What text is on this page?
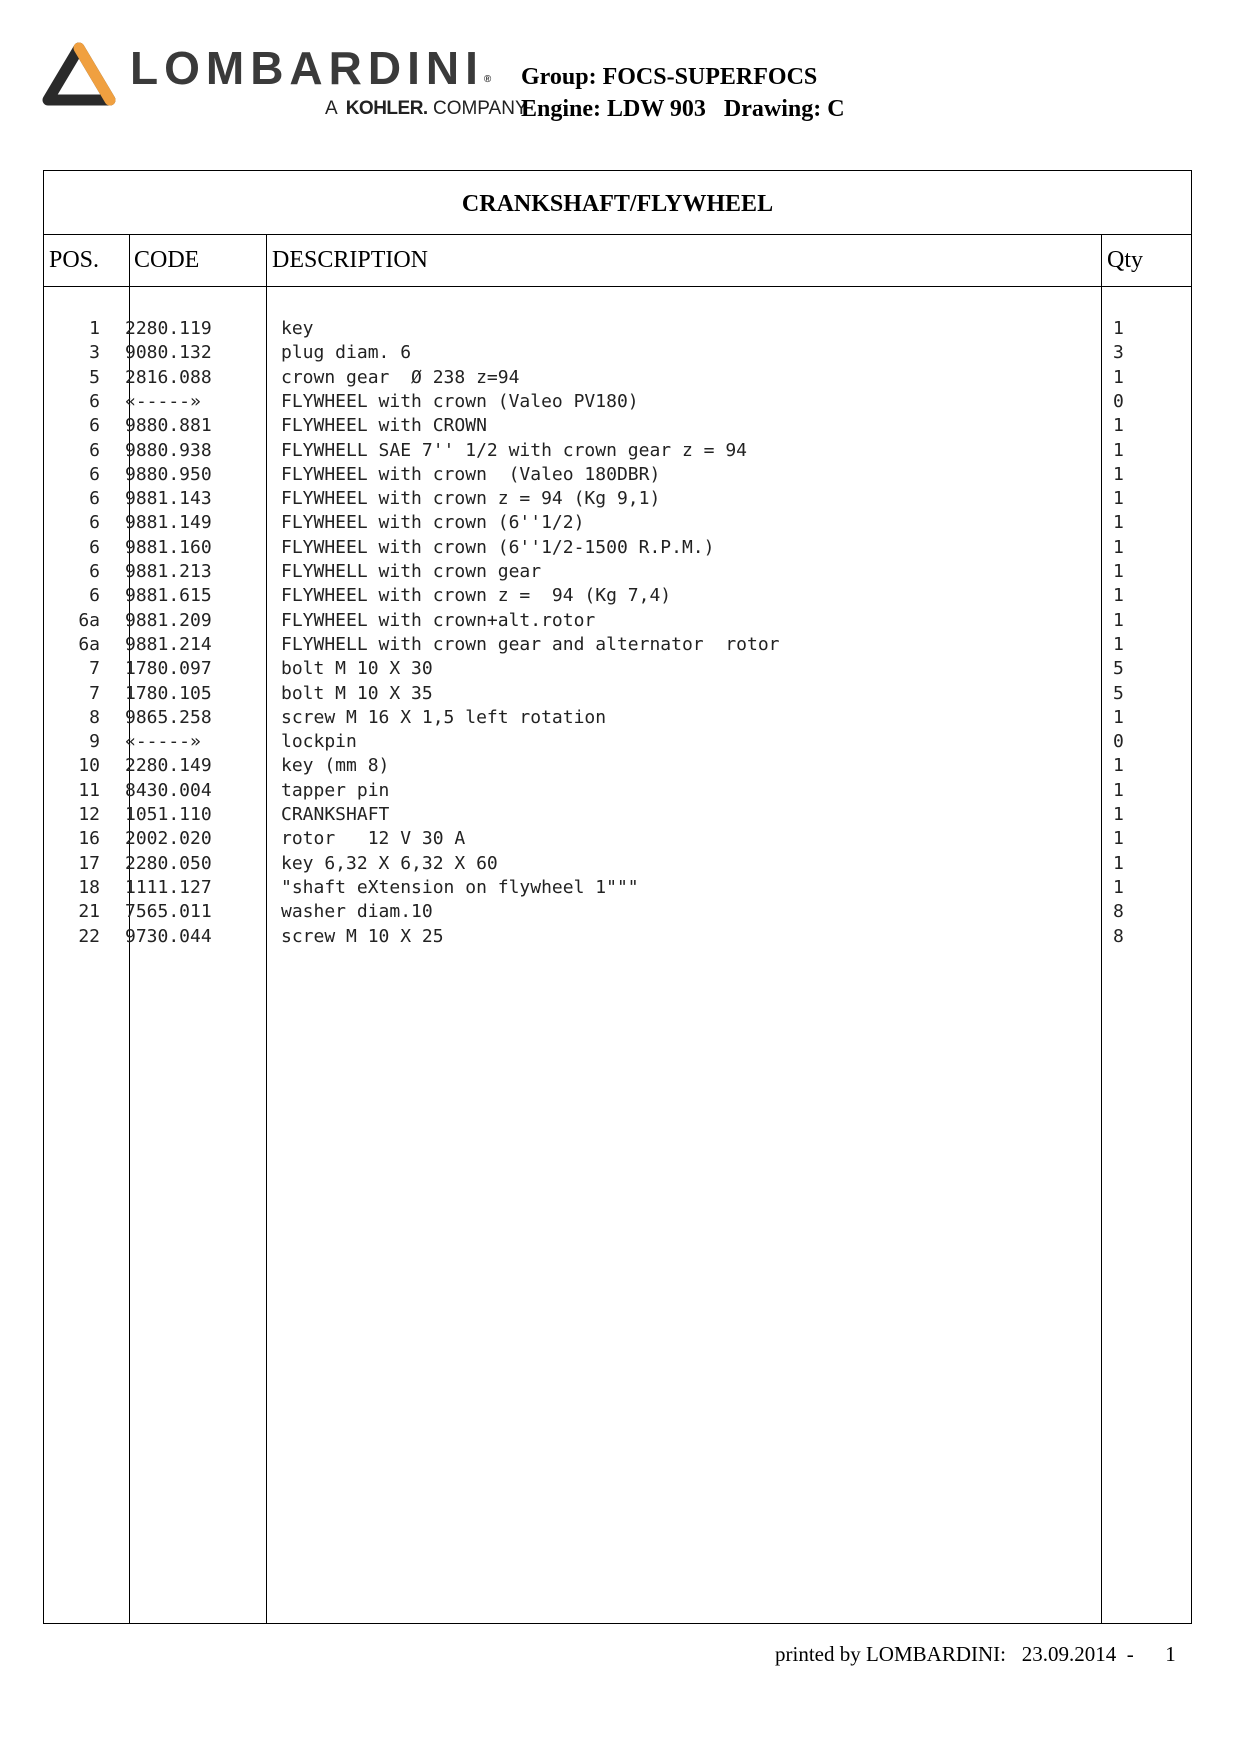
LOMBARDINI®
A KOHLER. COMPANY
Group: FOCS-SUPERFOCS
Engine: LDW 903 Drawing: C
CRANKSHAFT/FLYWHEEL
POS. CODE	DESCRIPTION	Qty
1 2280.119	key	1
3 9080.132	plug diam. 6	3
5 2816.088	crown gear  Ø 238 z=94	1
6 «-----»	FLYWHEEL with crown (Valeo PV180)	0
6 9880.881	FLYWHEEL with CROWN	1
6 9880.938	FLYWHELL SAE 7'' 1/2 with crown gear z = 94	1
6 9880.950	FLYWHEEL with crown  (Valeo 180DBR)	1
6 9881.143	FLYWHEEL with crown z = 94 (Kg 9,1)	1
6 9881.149	FLYWHEEL with crown (6''1/2)	1
6 9881.160	FLYWHEEL with crown (6''1/2-1500 R.P.M.)	1
6 9881.213	FLYWHELL with crown gear	1
6 9881.615	FLYWHEEL with crown z =  94 (Kg 7,4)	1
6a 9881.209	FLYWHEEL with crown+alt.rotor	1
6a 9881.214	FLYWHELL with crown gear and alternator  rotor	1
7 1780.097	bolt M 10 X 30	5
7 1780.105	bolt M 10 X 35	5
8 9865.258	screw M 16 X 1,5 left rotation	1
9 «-----»	lockpin	0
10 2280.149	key (mm 8)	1
11 8430.004	tapper pin	1
12 1051.110	CRANKSHAFT	1
16 2002.020	rotor   12 V 30 A	1
17 2280.050	key 6,32 X 6,32 X 60	1
18 1111.127	"shaft eXtension on flywheel 1"""	1
21 7565.011	washer diam.10	8
22 9730.044	screw M 10 X 25	8
printed by LOMBARDINI: 23.09.2014 - 1
